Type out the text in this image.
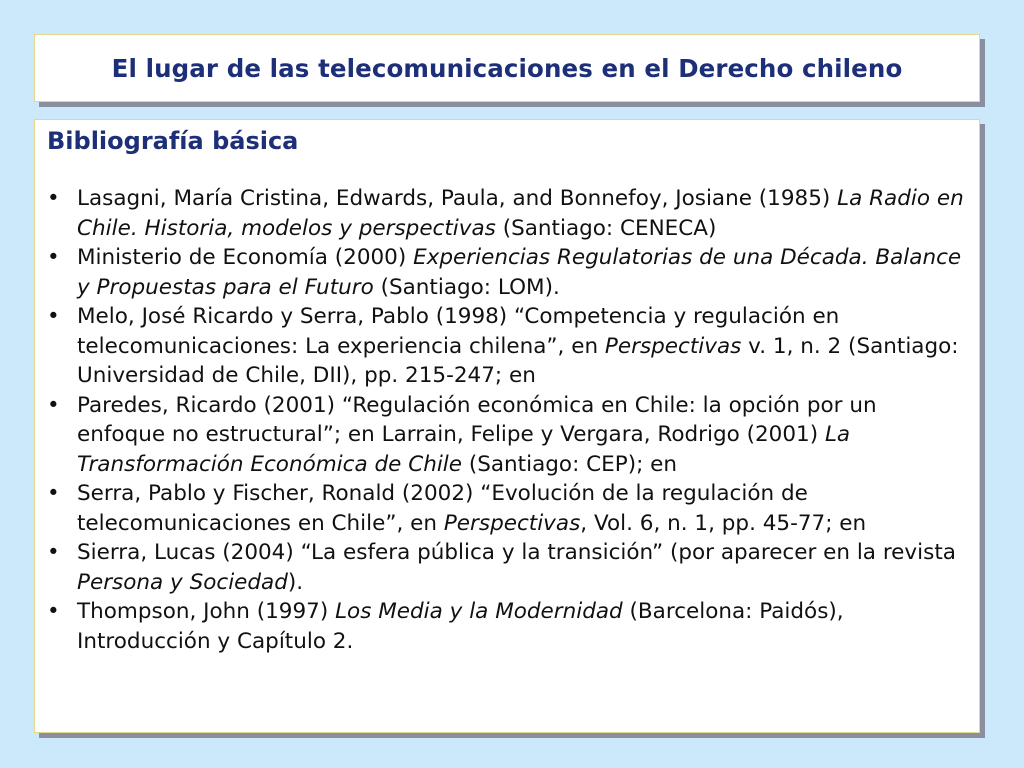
El lugar de las telecomunicaciones en el Derecho chileno
Bibliografía básica
• Lasagni, María Cristina, Edwards, Paula, and Bonnefoy, Josiane (1985) La Radio en Chile. Historia, modelos y perspectivas (Santiago: CENECA)
• Ministerio de Economía (2000) Experiencias Regulatorias de una Década. Balance y Propuestas para el Futuro (Santiago: LOM).
• Melo, José Ricardo y Serra, Pablo (1998) “Competencia y regulación en telecomunicaciones: La experiencia chilena”, en Perspectivas v. 1, n. 2 (Santiago: Universidad de Chile, DII), pp. 215-247; en
• Paredes, Ricardo (2001) “Regulación económica en Chile: la opción por un enfoque no estructural”; en Larrain, Felipe y Vergara, Rodrigo (2001) La Transformación Económica de Chile (Santiago: CEP); en
• Serra, Pablo y Fischer, Ronald (2002) “Evolución de la regulación de telecomunicaciones en Chile”, en Perspectivas, Vol. 6, n. 1, pp. 45-77; en
• Sierra, Lucas (2004) “La esfera pública y la transición” (por aparecer en la revista Persona y Sociedad).
• Thompson, John (1997) Los Media y la Modernidad (Barcelona: Paidós), Introducción y Capítulo 2.
